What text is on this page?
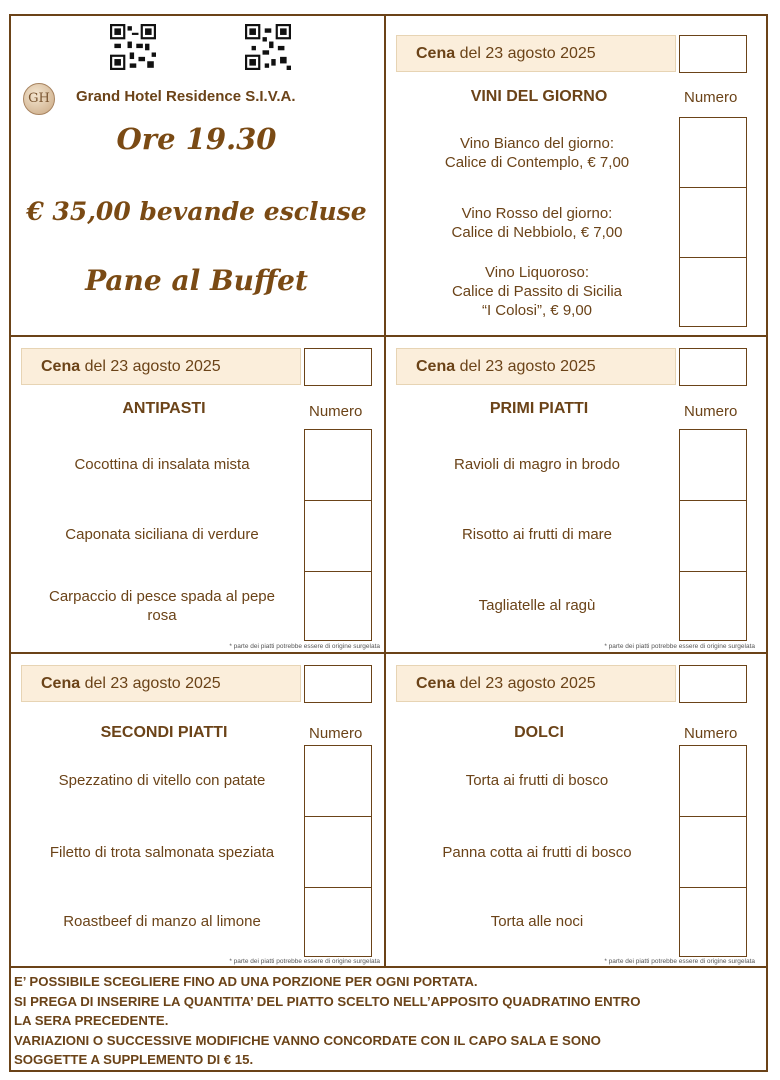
GH Grand Hotel Residence S.I.V.A.
Ore 19.30
€ 35,00 bevande escluse
Pane al Buffet
Cena del 23 agosto 2025
VINI DEL GIORNO	Numero
Vino Bianco del giorno:
Calice di Contemplo, € 7,00
Vino Rosso del giorno:
Calice di Nebbiolo, € 7,00
Vino Liquoroso:
Calice di Passito di Sicilia
“I Colosi”, € 9,00
Cena del 23 agosto 2025
ANTIPASTI	Numero
Cocottina di insalata mista
Caponata siciliana di verdure
Carpaccio di pesce spada al pepe
rosa
* parte dei piatti potrebbe essere di origine surgelata
Cena del 23 agosto 2025
PRIMI PIATTI	Numero
Ravioli di magro in brodo
Risotto ai frutti di mare
Tagliatelle al ragù
* parte dei piatti potrebbe essere di origine surgelata
Cena del 23 agosto 2025
SECONDI PIATTI	Numero
Spezzatino di vitello con patate
Filetto di trota salmonata speziata
Roastbeef di manzo al limone
* parte dei piatti potrebbe essere di origine surgelata
Cena del 23 agosto 2025
DOLCI	Numero
Torta ai frutti di bosco
Panna cotta ai frutti di bosco
Torta alle noci
* parte dei piatti potrebbe essere di origine surgelata
E’ POSSIBILE SCEGLIERE FINO AD UNA PORZIONE PER OGNI PORTATA.
SI PREGA DI INSERIRE LA QUANTITA’ DEL PIATTO SCELTO NELL’APPOSITO QUADRATINO ENTRO
LA SERA PRECEDENTE.
VARIAZIONI O SUCCESSIVE MODIFICHE VANNO CONCORDATE CON IL CAPO SALA E SONO
SOGGETTE A SUPPLEMENTO DI € 15.
